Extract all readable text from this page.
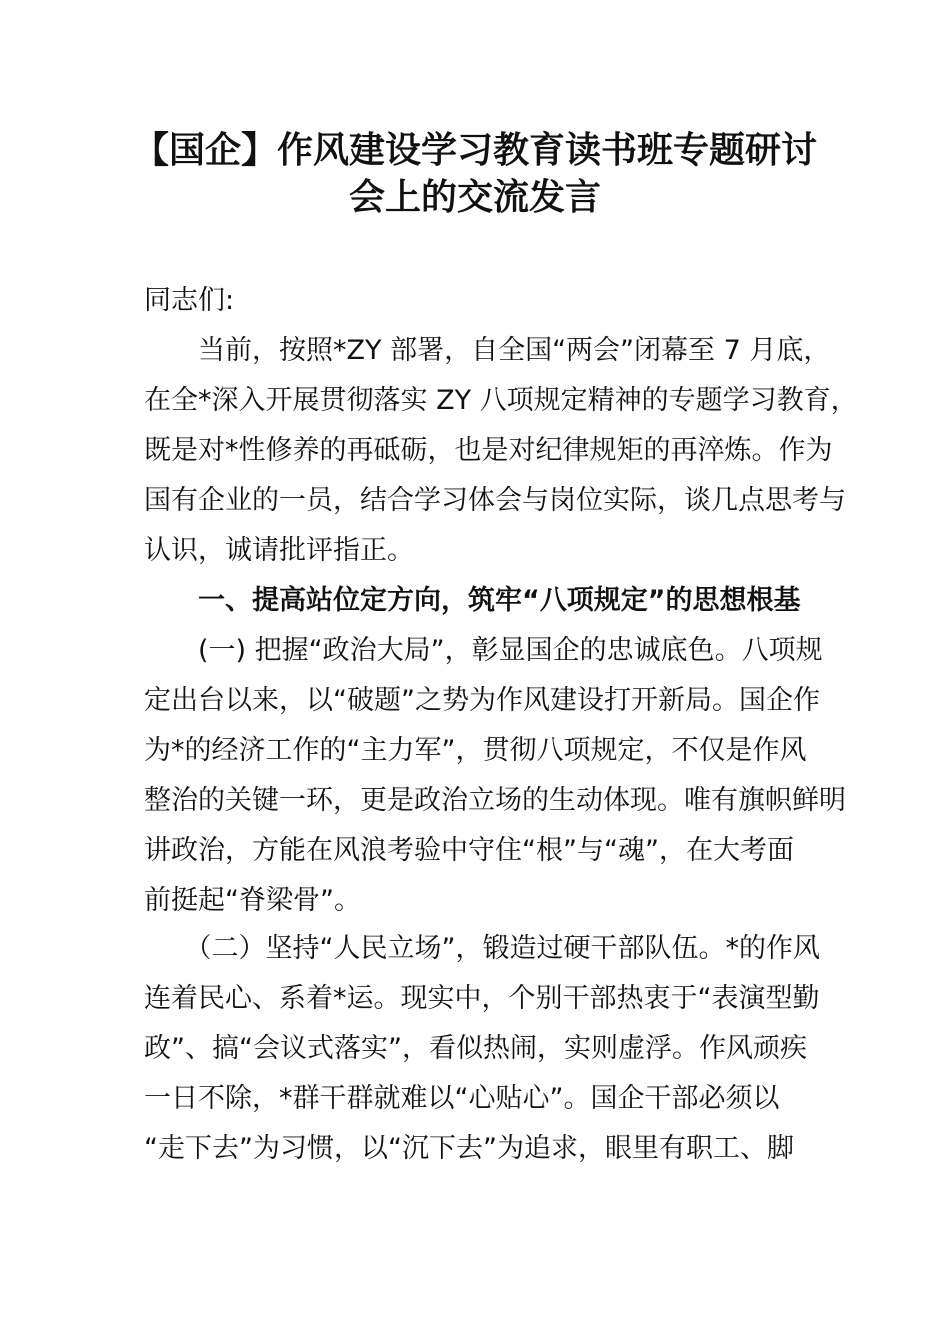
【国企】作风建设学习教育读书班专题研讨
会上的交流发言
同志们:
　　当前，按照*ZY 部署，自全国“两会”闭幕至 7 月底，
在全*深入开展贯彻落实 ZY 八项规定精神的专题学习教育，
既是对*性修养的再砥砺，也是对纪律规矩的再淬炼。作为
国有企业的一员，结合学习体会与岗位实际，谈几点思考与
认识，诚请批评指正。
　　一、提高站位定方向，筑牢“八项规定”的思想根基
　　(一) 把握“政治大局”，彰显国企的忠诚底色。八项规
定出台以来，以“破题”之势为作风建设打开新局。国企作
为*的经济工作的“主力军”，贯彻八项规定，不仅是作风
整治的关键一环，更是政治立场的生动体现。唯有旗帜鲜明
讲政治，方能在风浪考验中守住“根”与“魂”，在大考面
前挺起“脊梁骨”。
　　（二）坚持“人民立场”，锻造过硬干部队伍。*的作风
连着民心、系着*运。现实中，个别干部热衷于“表演型勤
政”、搞“会议式落实”，看似热闹，实则虚浮。作风顽疾
一日不除，*群干群就难以“心贴心”。国企干部必须以
“走下去”为习惯，以“沉下去”为追求，眼里有职工、脚
